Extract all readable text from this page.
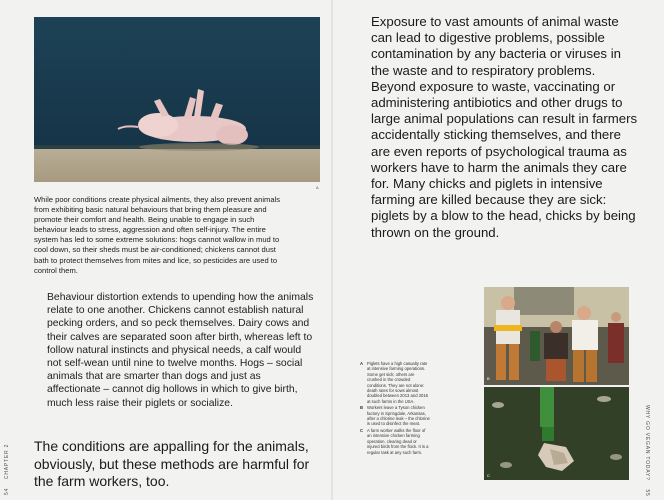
A
While poor conditions create physical ailments, they also prevent animals from exhibiting basic natural behaviours that bring them pleasure and promote their comfort and health. Being unable to engage in such behaviour leads to stress, aggression and often self-injury. The entire system has led to some extreme solutions: hogs cannot wallow in mud to cool down, so their sheds must be air-conditioned; chickens cannot dust bath to protect themselves from mites and lice, so pesticides are used to control them.
Behaviour distortion extends to upending how the animals relate to one another. Chickens cannot establish natural pecking orders, and so peck themselves. Dairy cows and their calves are separated soon after birth, whereas left to follow natural instincts and physical needs, a calf would not self-wean until nine to twelve months. Hogs – social animals that are smarter than dogs and just as affectionate – cannot dig hollows in which to give birth, much less raise their piglets or socialize.
The conditions are appalling for the animals, obviously, but these methods are harmful for the farm workers, too.
54    CHAPTER 2
Exposure to vast amounts of animal waste can lead to digestive problems, possible contamination by any bacteria or viruses in the waste and to respiratory problems. Beyond exposure to waste, vaccinating or administering antibiotics and other drugs to large animal populations can result in farmers accidentally sticking themselves, and there are even reports of psychological trauma as workers have to harm the animals they care for. Many chicks and piglets in intensive farming are killed because they are sick: piglets by a blow to the head, chicks by being thrown on the ground.
A Piglets have a high casualty rate at intensive farming operations. Some get sick; others are crushed in the crowded conditions. They are not alone: death rates for sows almost doubled between 2013 and 2016 at such farms in the USA.
B Workers leave a Tyson chicken factory in Springdale, Arkansas, after a chlorine leak – the chlorine is used to disinfect the meat.
C A farm worker walks the floor of an intensive chicken farming operation, clearing dead or injured birds from the flock. It is a regular task at any such farm.
B
C	WHY GO VEGAN TODAY?    55
